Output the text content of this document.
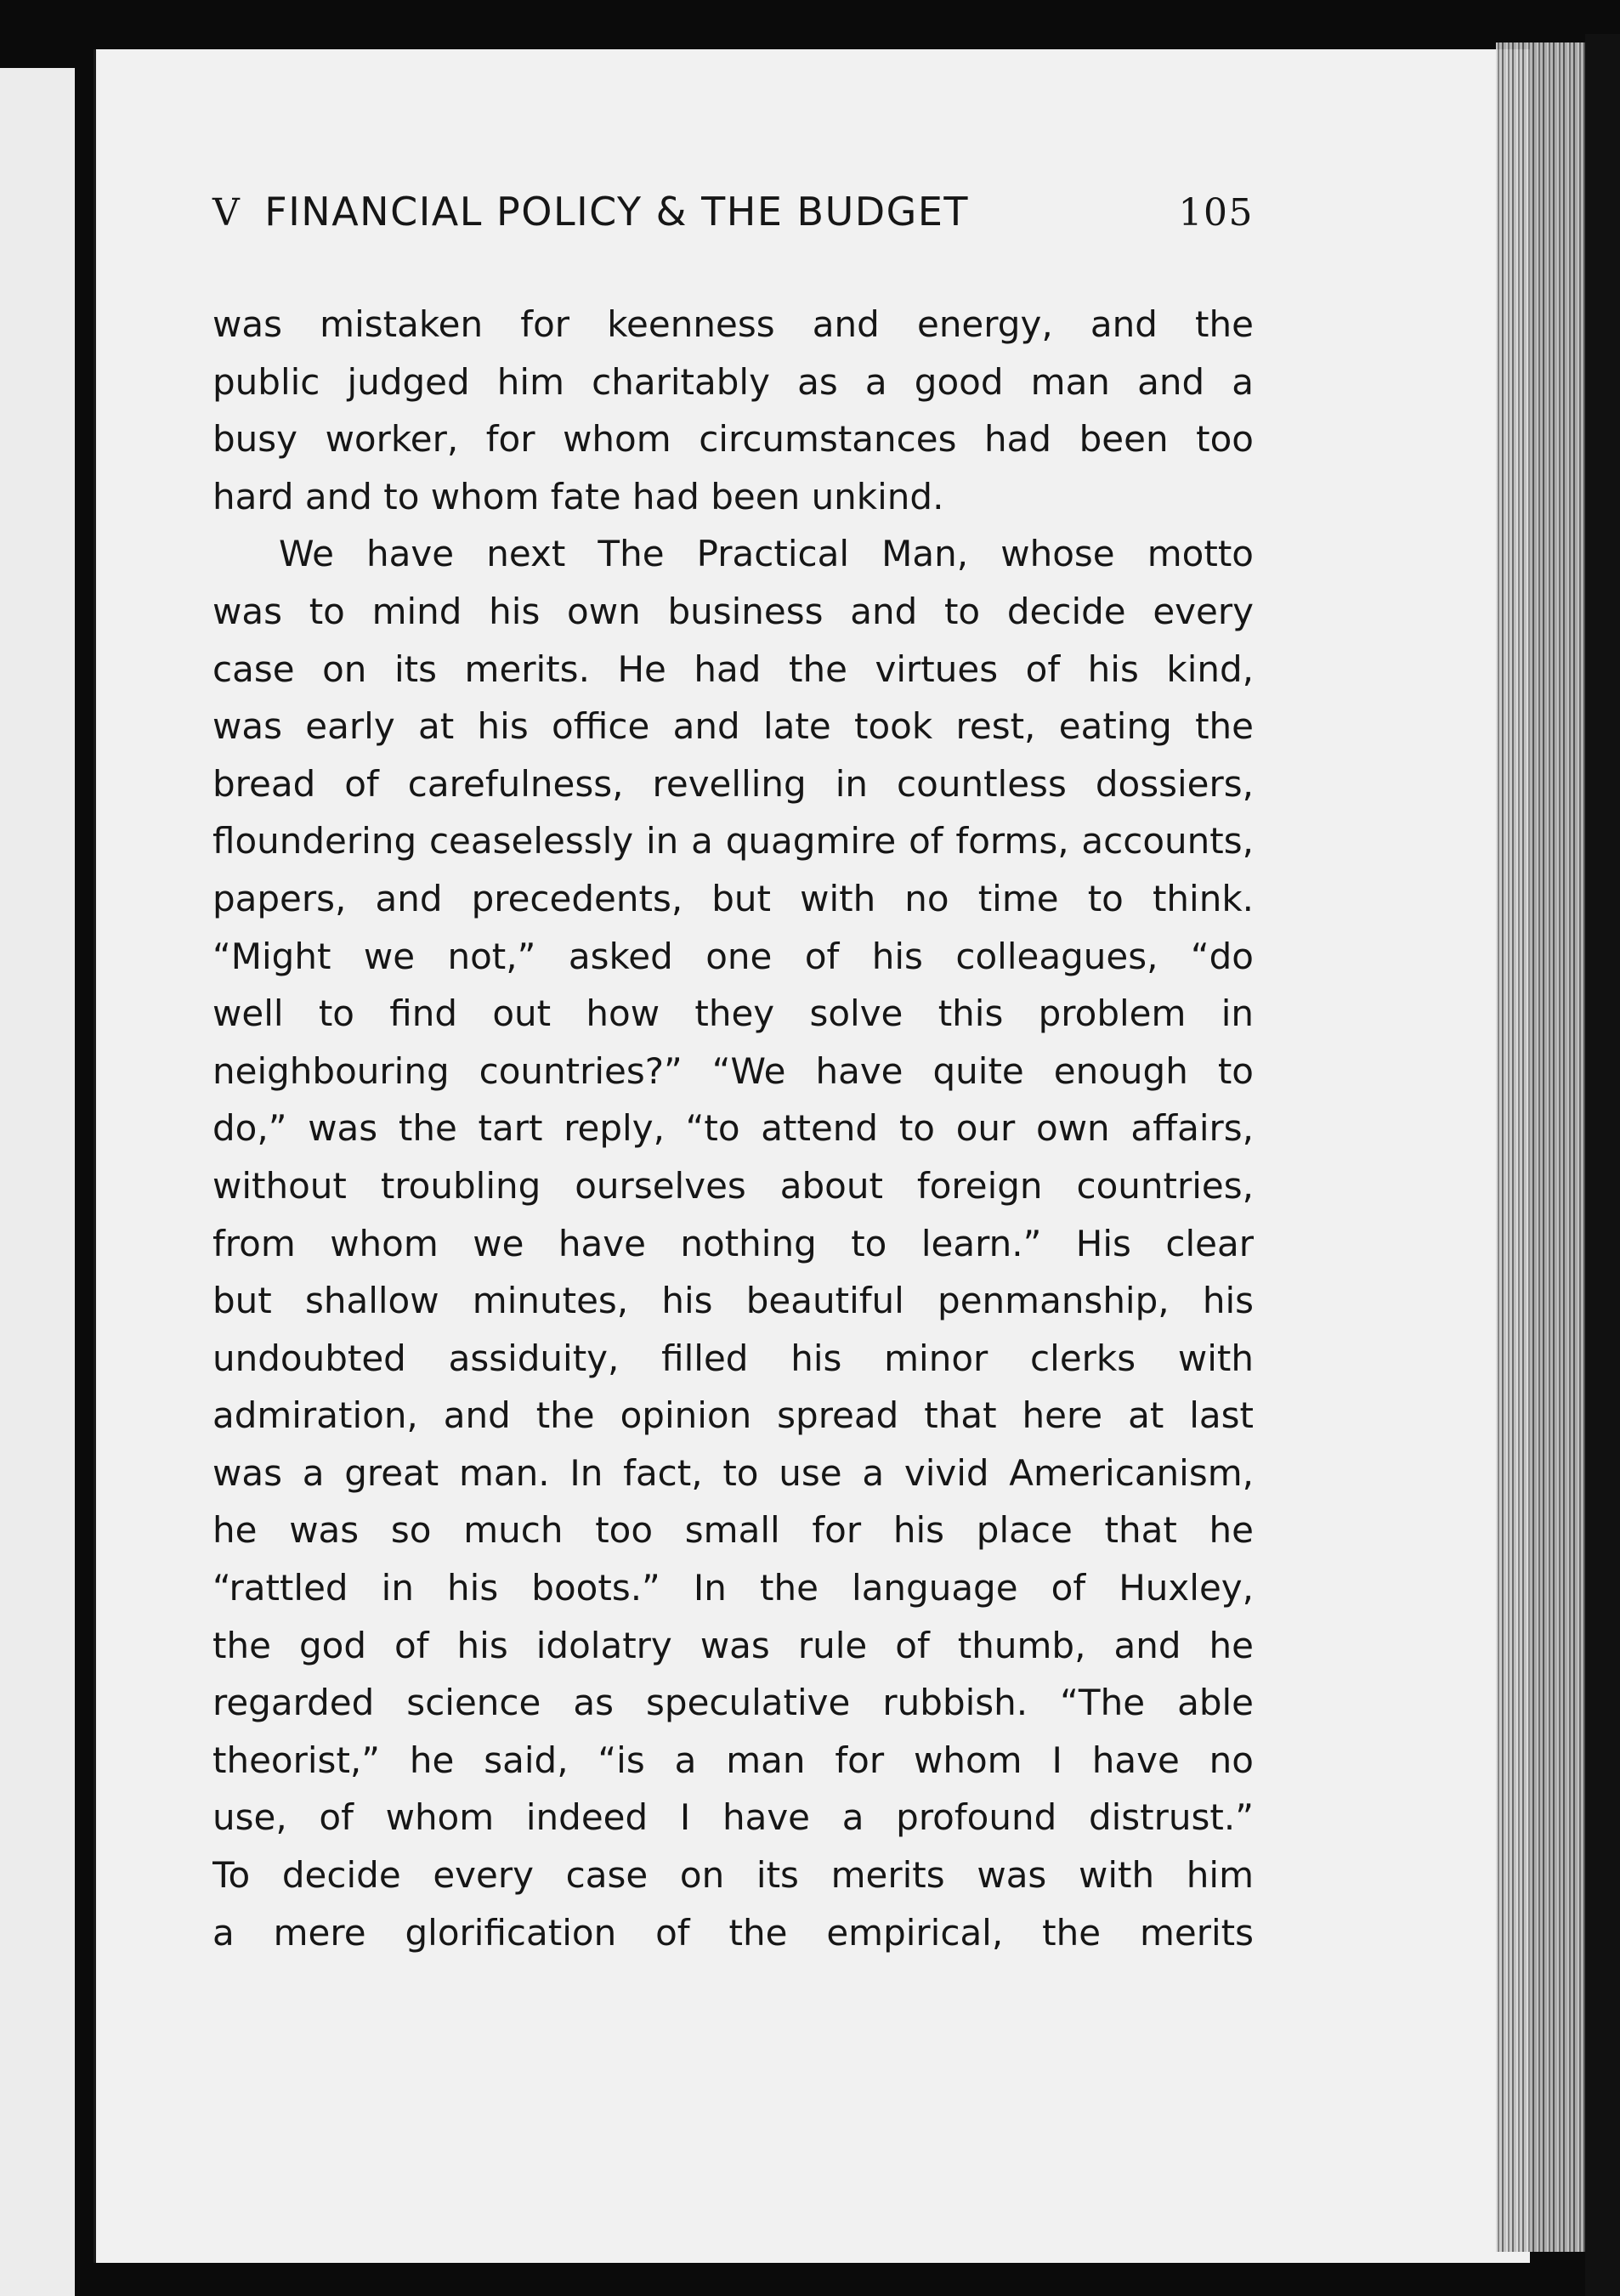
V FINANCIAL POLICY & THE BUDGET	105
was mistaken for keenness and energy, and the
public judged him charitably as a good man and a
busy worker, for whom circumstances had been too
hard and to whom fate had been unkind.
We have next The Practical Man, whose motto
was to mind his own business and to decide every
case on its merits. He had the virtues of his kind,
was early at his office and late took rest, eating the
bread of carefulness, revelling in countless dossiers,
floundering ceaselessly in a quagmire of forms, accounts,
papers, and precedents, but with no time to think.
“Might we not,” asked one of his colleagues, “do
well to find out how they solve this problem in
neighbouring countries?” “We have quite enough to
do,” was the tart reply, “to attend to our own affairs,
without troubling ourselves about foreign countries,
from whom we have nothing to learn.” His clear
but shallow minutes, his beautiful penmanship, his
undoubted assiduity, filled his minor clerks with
admiration, and the opinion spread that here at last
was a great man. In fact, to use a vivid Americanism,
he was so much too small for his place that he
“rattled in his boots.” In the language of Huxley,
the god of his idolatry was rule of thumb, and he
regarded science as speculative rubbish. “The able
theorist,” he said, “is a man for whom I have no
use, of whom indeed I have a profound distrust.”
To decide every case on its merits was with him
a mere glorification of the empirical, the merits
